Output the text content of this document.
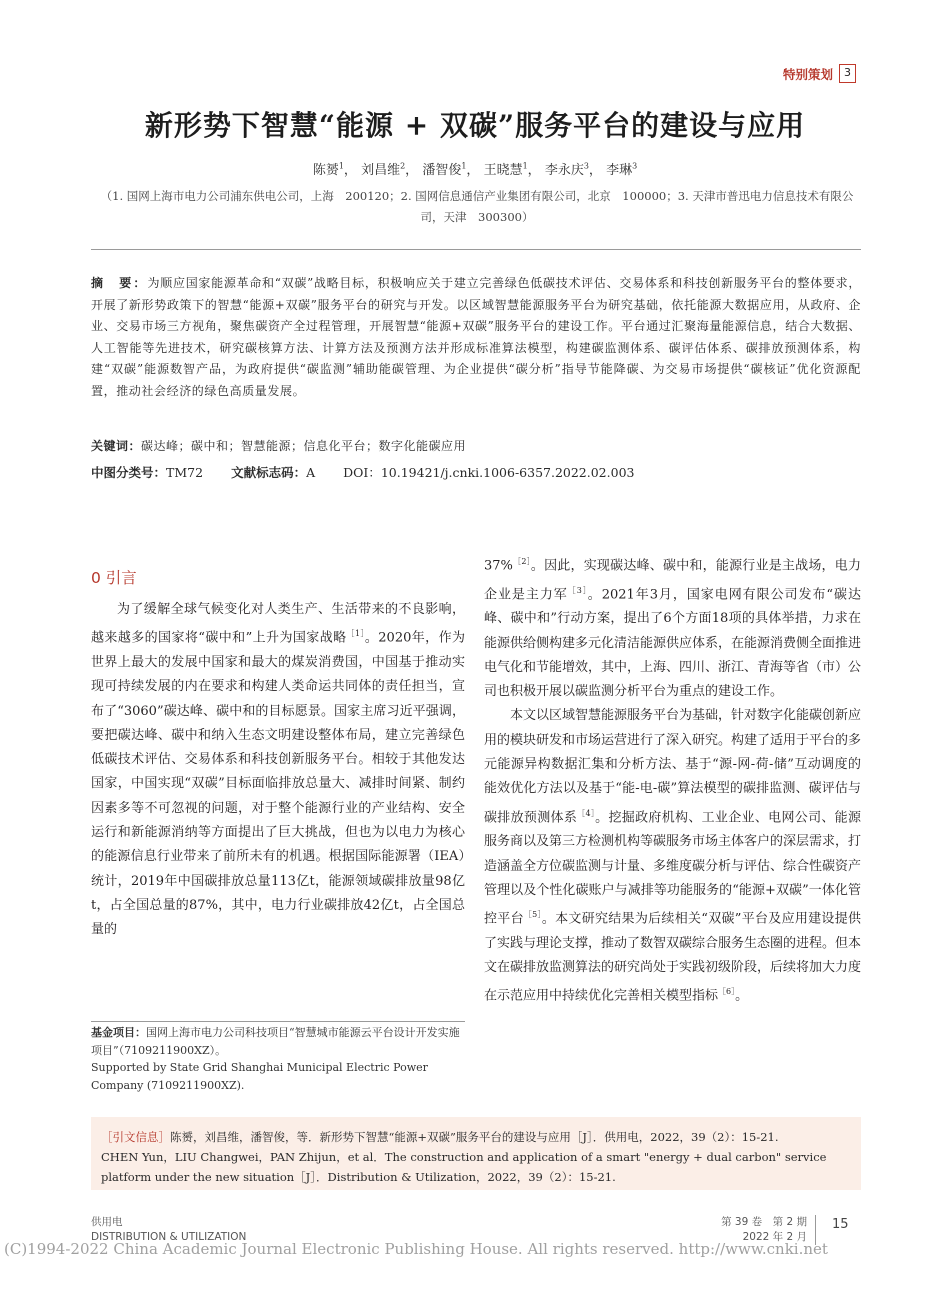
特别策划	3
新形势下智慧“能源 + 双碳”服务平台的建设与应用
陈赟$^1$， 刘昌维$^2$， 潘智俊$^1$， 王晓慧$^1$， 李永庆$^3$， 李琳$^3$
（1. 国网上海市电力公司浦东供电公司，上海　200120；2. 国网信息通信产业集团有限公司，北京　100000；3. 天津市普迅电力信息技术有限公司，天津　300300）
摘　要：为顺应国家能源革命和“双碳”战略目标，积极响应关于建立完善绿色低碳技术评估、交易体系和科技创新服务平台的整体要求，开展了新形势政策下的智慧“能源+双碳”服务平台的研究与开发。以区域智慧能源服务平台为研究基础，依托能源大数据应用，从政府、企业、交易市场三方视角，聚焦碳资产全过程管理，开展智慧“能源+双碳”服务平台的建设工作。平台通过汇聚海量能源信息，结合大数据、人工智能等先进技术，研究碳核算方法、计算方法及预测方法并形成标准算法模型，构建碳监测体系、碳评估体系、碳排放预测体系，构建“双碳”能源数智产品，为政府提供“碳监测”辅助能碳管理、为企业提供“碳分析”指导节能降碳、为交易市场提供“碳核证”优化资源配置，推动社会经济的绿色高质量发展。
关键词：碳达峰；碳中和；智慧能源；信息化平台；数字化能碳应用
中图分类号：TM72 文献标志码：A DOI：10.19421/j.cnki.1006-6357.2022.02.003
0 引言

为了缓解全球气候变化对人类生产、生活带来的不良影响，越来越多的国家将“碳中和”上升为国家战略$^{[1]}$。2020年，作为世界上最大的发展中国家和最大的煤炭消费国，中国基于推动实现可持续发展的内在要求和构建人类命运共同体的责任担当，宣布了“3060”碳达峰、碳中和的目标愿景。国家主席习近平强调，要把碳达峰、碳中和纳入生态文明建设整体布局，建立完善绿色低碳技术评估、交易体系和科技创新服务平台。相较于其他发达国家，中国实现“双碳”目标面临排放总量大、减排时间紧、制约因素多等不可忽视的问题，对于整个能源行业的产业结构、安全运行和新能源消纳等方面提出了巨大挑战，但也为以电力为核心的能源信息行业带来了前所未有的机遇。根据国际能源署（IEA）统计，2019年中国碳排放总量113亿t，能源领域碳排放量98亿t，占全国总量的87%，其中，电力行业碳排放42亿t，占全国总量的

37%$^{[2]}$。因此，实现碳达峰、碳中和，能源行业是主战场，电力企业是主力军$^{[3]}$。2021年3月，国家电网有限公司发布“碳达峰、碳中和”行动方案，提出了6个方面18项的具体举措，力求在能源供给侧构建多元化清洁能源供应体系，在能源消费侧全面推进电气化和节能增效，其中，上海、四川、浙江、青海等省（市）公司也积极开展以碳监测分析平台为重点的建设工作。

本文以区域智慧能源服务平台为基础，针对数字化能碳创新应用的模块研发和市场运营进行了深入研究。构建了适用于平台的多元能源异构数据汇集和分析方法、基于“源-网-荷-储”互动调度的能效优化方法以及基于“能-电-碳”算法模型的碳排监测、碳评估与碳排放预测体系$^{[4]}$。挖掘政府机构、工业企业、电网公司、能源服务商以及第三方检测机构等碳服务市场主体客户的深层需求，打造涵盖全方位碳监测与计量、多维度碳分析与评估、综合性碳资产管理以及个性化碳账户与减排等功能服务的“能源+双碳”一体化管控平台$^{[5]}$。本文研究结果为后续相关“双碳”平台及应用建设提供了实践与理论支撑，推动了数智双碳综合服务生态圈的进程。但本文在碳排放监测算法的研究尚处于实践初级阶段，后续将加大力度在示范应用中持续优化完善相关模型指标$^{[6]}$。

基金项目：国网上海市电力公司科技项目“智慧城市能源云平台设计开发实施项目”（7109211900XZ）。
Supported by State Grid Shanghai Municipal Electric Power Company (7109211900XZ).
［引文信息］陈赟，刘昌维，潘智俊，等．新形势下智慧“能源+双碳”服务平台的建设与应用［J］．供用电，2022，39（2）：15-21.
CHEN Yun，LIU Changwei，PAN Zhijun，et al．The construction and application of a smart "energy + dual carbon" service platform under the new situation［J］．Distribution & Utilization，2022，39（2）：15-21.
供用电
DISTRIBUTION & UTILIZATION
第 39 卷　第 2 期
2022 年 2 月
15
(C)1994-2022 China Academic Journal Electronic Publishing House. All rights reserved. http://www.cnki.net
